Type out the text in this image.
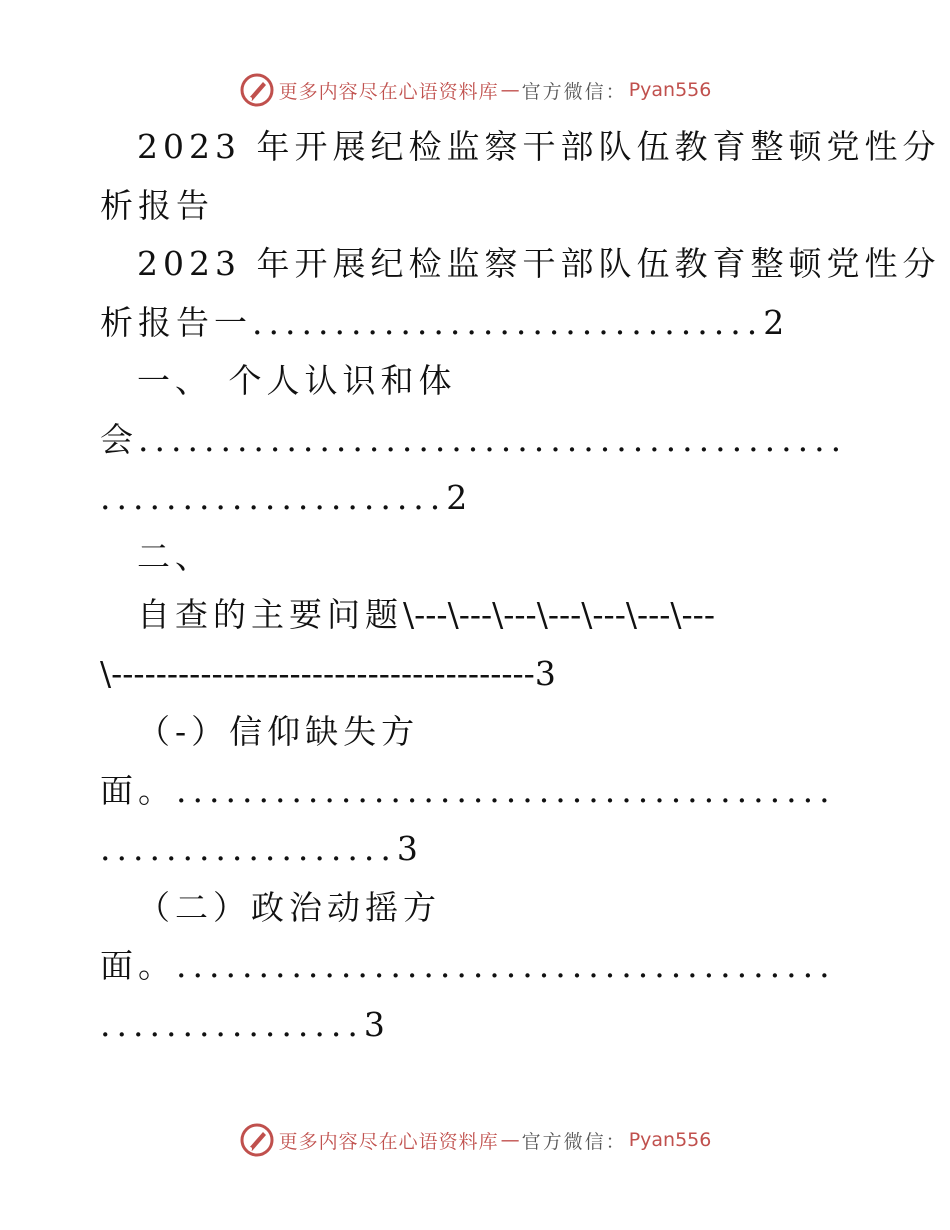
更多内容尽在心语资料库 — 官方微信： Pyan556
2023 年开展纪检监察干部队伍教育整顿党性分
析报告
2023 年开展纪检监察干部队伍教育整顿党性分
析报告一...............................2
一、 个人认识和体
会...........................................
.....................2
二、
自查的主要问题\---\---\---\---\---\---\---
\--------------------------------------3
（-）信仰缺失方
面。........................................
..................3
（二）政治动摇方
面。........................................
................3
更多内容尽在心语资料库 — 官方微信： Pyan556
